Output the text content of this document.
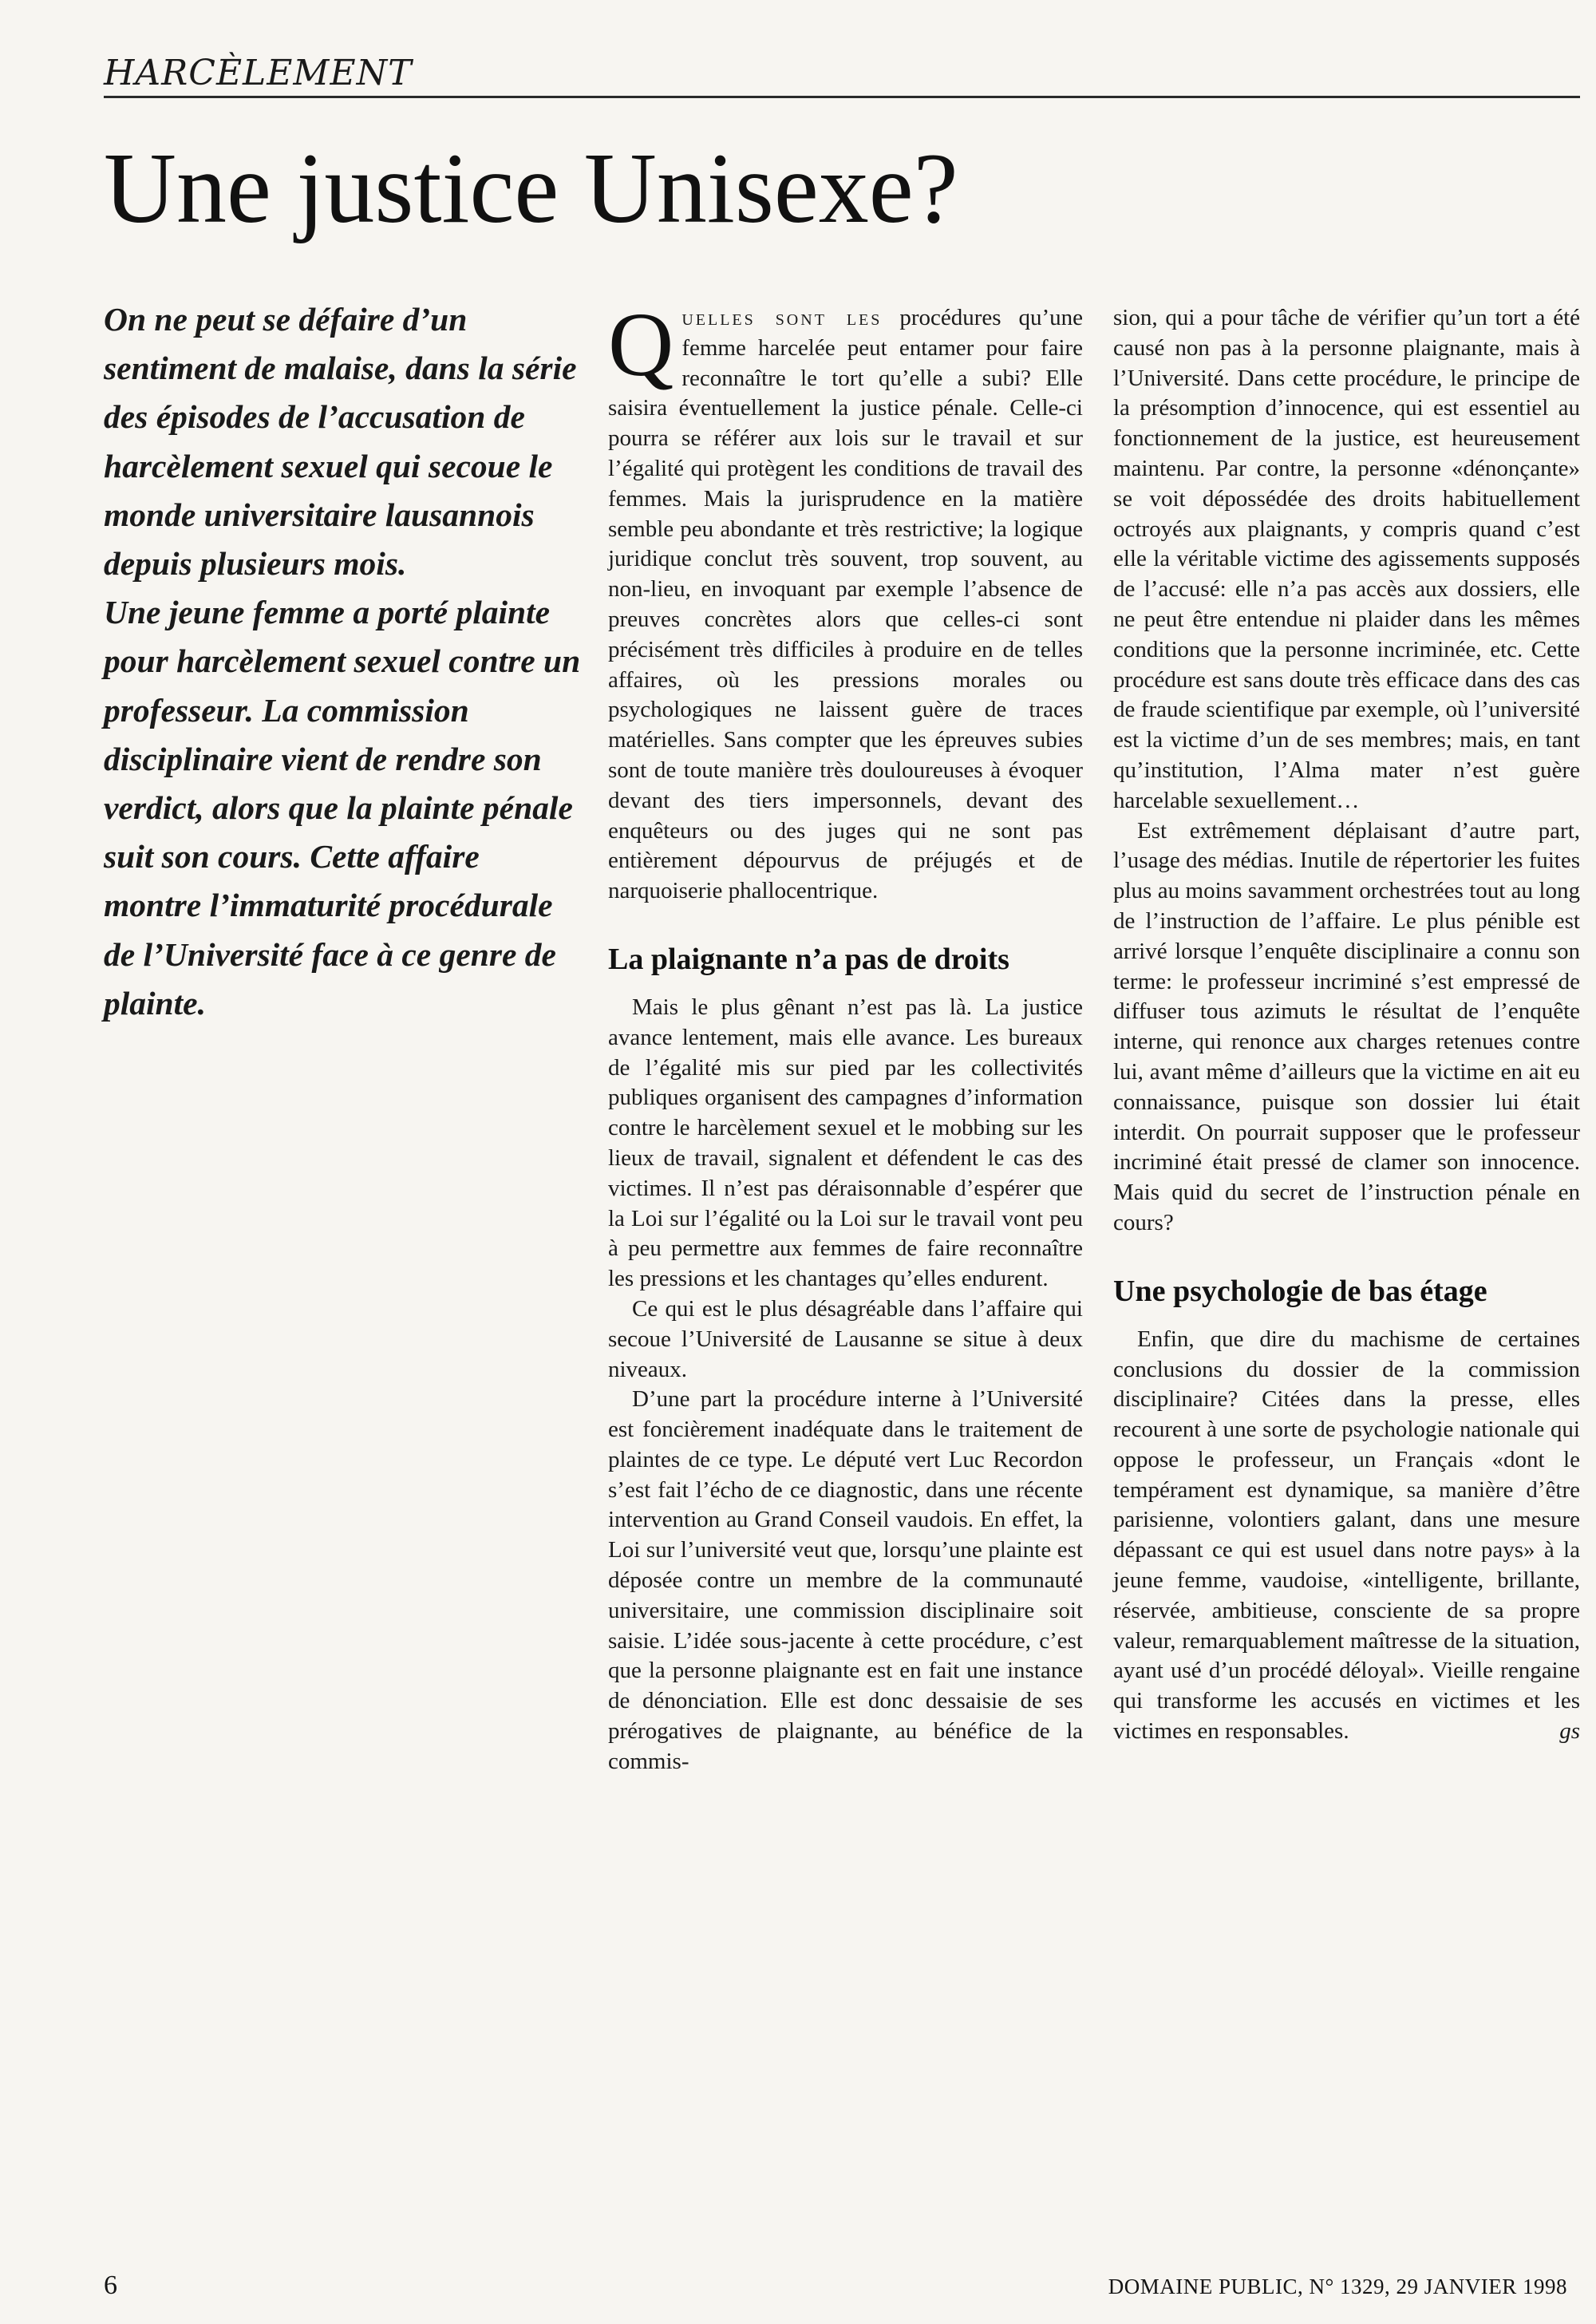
HARCÈLEMENT
Une justice Unisexe?

On ne peut se défaire d’un sentiment de malaise, dans la série des épisodes de l’accusation de harcèlement sexuel qui secoue le monde universitaire lausannois depuis plusieurs mois.

Une jeune femme a porté plainte pour harcèlement sexuel contre un professeur. La commission disciplinaire vient de rendre son verdict, alors que la plainte pénale suit son cours. Cette affaire montre l’immaturité procédurale de l’Université face à ce genre de plainte.

Q uelles sont les procédures qu’une femme harcelée peut entamer pour faire reconnaître le tort qu’elle a subi? Elle saisira éventuellement la justice pénale. Celle-ci pourra se référer aux lois sur le travail et sur l’égalité qui protègent les conditions de travail des femmes. Mais la jurisprudence en la matière semble peu abondante et très restrictive; la logique juridique conclut très souvent, trop souvent, au non-lieu, en invoquant par exemple l’absence de preuves concrètes alors que celles-ci sont précisément très difficiles à produire en de telles affaires, où les pressions morales ou psychologiques ne laissent guère de traces matérielles. Sans compter que les épreuves subies sont de toute manière très douloureuses à évoquer devant des tiers impersonnels, devant des enquêteurs ou des juges qui ne sont pas entièrement dépourvus de préjugés et de narquoiserie phallocentrique.

La plaignante n’a pas de droits

Mais le plus gênant n’est pas là. La justice avance lentement, mais elle avance. Les bureaux de l’égalité mis sur pied par les collectivités publiques organisent des campagnes d’information contre le harcèlement sexuel et le mobbing sur les lieux de travail, signalent et défendent le cas des victimes. Il n’est pas déraisonnable d’espérer que la Loi sur l’égalité ou la Loi sur le travail vont peu à peu permettre aux femmes de faire reconnaître les pressions et les chantages qu’elles endurent.

Ce qui est le plus désagréable dans l’affaire qui secoue l’Université de Lausanne se situe à deux niveaux.

D’une part la procédure interne à l’Université est foncièrement inadéquate dans le traitement de plaintes de ce type. Le député vert Luc Recordon s’est fait l’écho de ce diagnostic, dans une récente intervention au Grand Conseil vaudois. En effet, la Loi sur l’université veut que, lorsqu’une plainte est déposée contre un membre de la communauté universitaire, une commission disciplinaire soit saisie. L’idée sous-jacente à cette procédure, c’est que la personne plaignante est en fait une instance de dénonciation. Elle est donc dessaisie de ses prérogatives de plaignante, au bénéfice de la commis-

sion, qui a pour tâche de vérifier qu’un tort a été causé non pas à la personne plaignante, mais à l’Université. Dans cette procédure, le principe de la présomption d’innocence, qui est essentiel au fonctionnement de la justice, est heureusement maintenu. Par contre, la personne «dénonçante» se voit dépossédée des droits habituellement octroyés aux plaignants, y compris quand c’est elle la véritable victime des agissements supposés de l’accusé: elle n’a pas accès aux dossiers, elle ne peut être entendue ni plaider dans les mêmes conditions que la personne incriminée, etc. Cette procédure est sans doute très efficace dans des cas de fraude scientifique par exemple, où l’université est la victime d’un de ses membres; mais, en tant qu’institution, l’Alma mater n’est guère harcelable sexuellement…

Est extrêmement déplaisant d’autre part, l’usage des médias. Inutile de répertorier les fuites plus au moins savamment orchestrées tout au long de l’instruction de l’affaire. Le plus pénible est arrivé lorsque l’enquête disciplinaire a connu son terme: le professeur incriminé s’est empressé de diffuser tous azimuts le résultat de l’enquête interne, qui renonce aux charges retenues contre lui, avant même d’ailleurs que la victime en ait eu connaissance, puisque son dossier lui était interdit. On pourrait supposer que le professeur incriminé était pressé de clamer son innocence. Mais quid du secret de l’instruction pénale en cours?

Une psychologie de bas étage

Enfin, que dire du machisme de certaines conclusions du dossier de la commission disciplinaire? Citées dans la presse, elles recourent à une sorte de psychologie nationale qui oppose le professeur, un Français «dont le tempérament est dynamique, sa manière d’être parisienne, volontiers galant, dans une mesure dépassant ce qui est usuel dans notre pays» à la jeune femme, vaudoise, «intelligente, brillante, réservée, ambitieuse, consciente de sa propre valeur, remarquablement maîtresse de la situation, ayant usé d’un procédé déloyal». Vieille rengaine qui transforme les accusés en victimes et les victimes en responsables.	gs

6	DOMAINE PUBLIC, N° 1329, 29 JANVIER 1998
